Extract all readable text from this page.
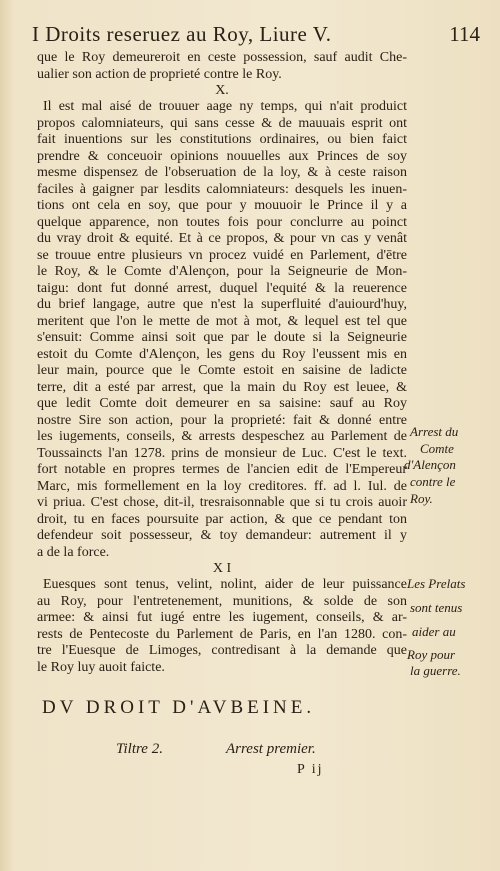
I Droits reseruez au Roy, Liure V.	114
que le Roy demeureroit en ceste possession, sauf audit Che-
ualier son action de proprieté contre le Roy.
X.
Il est mal aisé de trouuer aage ny temps, qui n'ait produict
propos calomniateurs, qui sans cesse & de mauuais esprit ont
fait inuentions sur les constitutions ordinaires, ou bien faict
prendre & conceuoir opinions nouuelles aux Princes de soy
mesme dispensez de l'obseruation de la loy, & à ceste raison
faciles à gaigner par lesdits calomniateurs: desquels les inuen-
tions ont cela en soy, que pour y mouuoir le Prince il y a
quelque apparence, non toutes fois pour conclurre au poinct
du vray droit & equité. Et à ce propos, & pour vn cas y venât
se trouue entre plusieurs vn procez vuidé en Parlement, d'ētre
le Roy, & le Comte d'Alençon, pour la Seigneurie de Mon-
taigu: dont fut donné arrest, duquel l'equité & la reuerence
du brief langage, autre que n'est la superfluité d'auiourd'huy,
meritent que l'on le mette de mot à mot, & lequel est tel que
s'ensuit: Comme ainsi soit que par le doute si la Seigneurie
estoit du Comte d'Alençon, les gens du Roy l'eussent mis en
leur main, pource que le Comte estoit en saisine de ladicte
terre, dit a esté par arrest, que la main du Roy est leuee, &
que ledit Comte doit demeurer en sa saisine: sauf au Roy
nostre Sire son action, pour la proprieté: fait & donné entre
les iugements, conseils, & arrests despeschez au Parlement de
Toussaincts l'an 1278. prins de monsieur de Luc. C'est le text.
fort notable en propres termes de l'ancien edit de l'Empereur
Marc, mis formellement en la loy creditores. ff. ad l. Iul. de
vi priua. C'est chose, dit-il, tresraisonnable que si tu crois auoir
droit, tu en faces poursuite par action, & que ce pendant ton
defendeur soit possesseur, & toy demandeur: autrement il y
a de la force.
X I
Euesques sont tenus, velint, nolint, aider de leur puissance
au Roy, pour l'entretenement, munitions, & solde de son
armee: & ainsi fut iugé entre les iugement, conseils, & ar-
rests de Pentecoste du Parlement de Paris, en l'an 1280. con-
tre l'Euesque de Limoges, contredisant à la demande que
le Roy luy auoit faicte.
Arrest du
Comte
d'Alençon
contre le
Roy.
Les Prelats
sont tenus
aider au
Roy pour
la guerre.
DV DROIT D'AVBEINE.
Tiltre 2.	Arrest premier.
P ij
